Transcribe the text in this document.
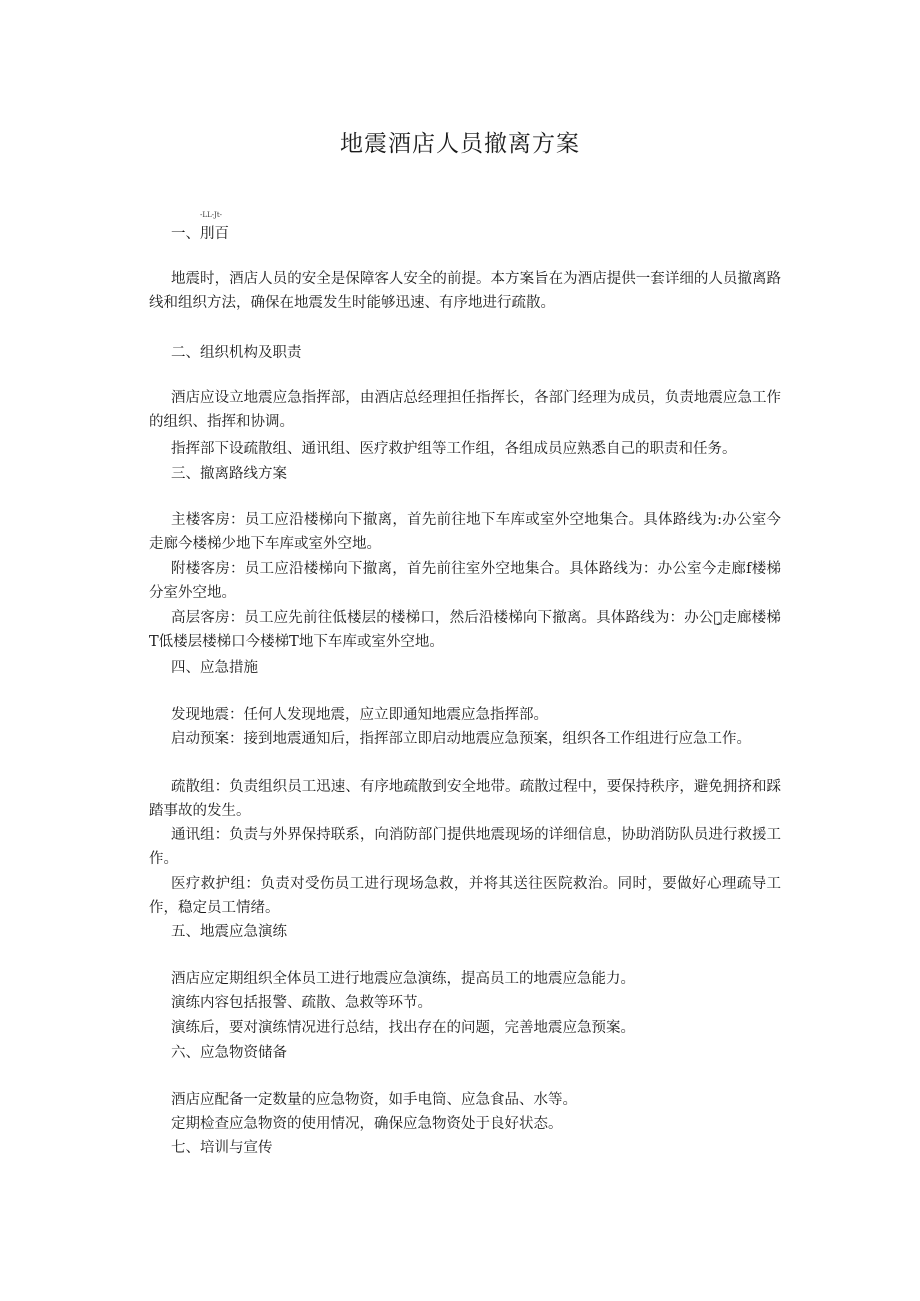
地震酒店人员撤离方案
-LL-Jt-
一、刖百

地震时，酒店人员的安全是保障客人安全的前提。本方案旨在为酒店提供一套详细的人员撤离路线和组织方法，确保在地震发生时能够迅速、有序地进行疏散。

二、组织机构及职责

酒店应设立地震应急指挥部，由酒店总经理担任指挥长，各部门经理为成员，负责地震应急工作的组织、指挥和协调。

指挥部下设疏散组、通讯组、医疗救护组等工作组，各组成员应熟悉自己的职责和任务。

三、撤离路线方案

主楼客房：员工应沿楼梯向下撤离，首先前往地下车库或室外空地集合。具体路线为:办公室今走廊今楼梯少地下车库或室外空地。

附楼客房：员工应沿楼梯向下撤离，首先前往室外空地集合。具体路线为：办公室今走廊f楼梯分室外空地。

高层客房：员工应先前往低楼层的楼梯口，然后沿楼梯向下撤离。具体路线为：办公室̧走廊楼梯T低楼层楼梯口今楼梯T地下车库或室外空地。

四、应急措施

发现地震：任何人发现地震，应立即通知地震应急指挥部。

启动预案：接到地震通知后，指挥部立即启动地震应急预案，组织各工作组进行应急工作。

疏散组：负责组织员工迅速、有序地疏散到安全地带。疏散过程中，要保持秩序，避免拥挤和踩踏事故的发生。

通讯组：负责与外界保持联系，向消防部门提供地震现场的详细信息，协助消防队员进行救援工作。

医疗救护组：负责对受伤员工进行现场急救，并将其送往医院救治。同时，要做好心理疏导工作，稳定员工情绪。

五、地震应急演练

酒店应定期组织全体员工进行地震应急演练，提高员工的地震应急能力。

演练内容包括报警、疏散、急救等环节。

演练后，要对演练情况进行总结，找出存在的问题，完善地震应急预案。

六、应急物资储备

酒店应配备一定数量的应急物资，如手电筒、应急食品、水等。

定期检查应急物资的使用情况，确保应急物资处于良好状态。

七、培训与宣传
